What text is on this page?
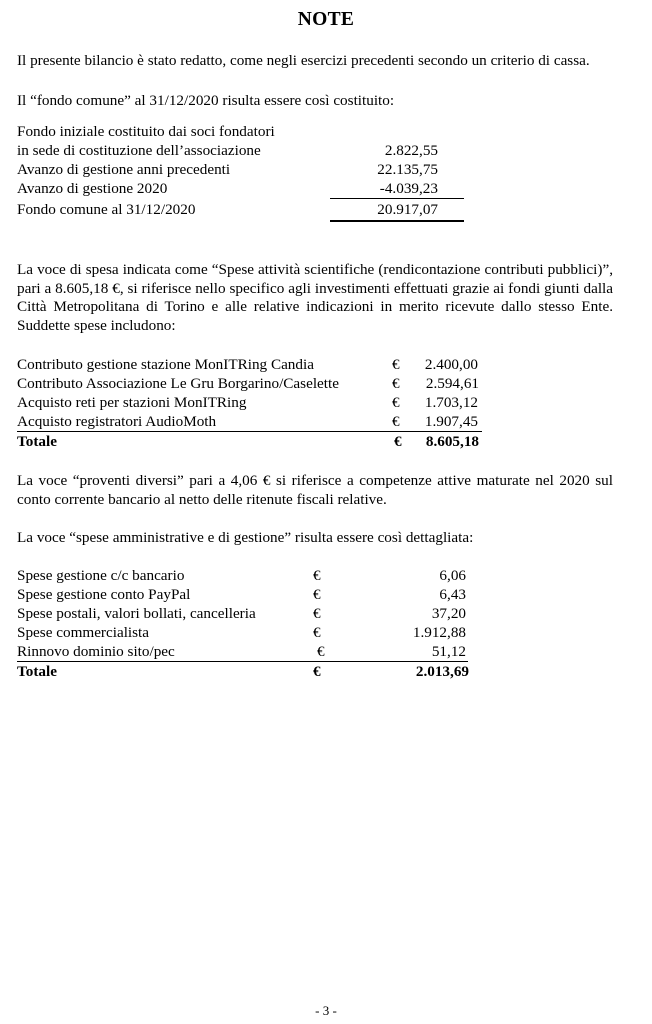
NOTE

Il presente bilancio è stato redatto, come negli esercizi precedenti secondo un criterio di cassa.

Il “fondo comune” al 31/12/2020 risulta essere così costituito:

Fondo iniziale costituito dai soci fondatori
in sede di costituzione dell’associazione	2.822,55
Avanzo di gestione anni precedenti	22.135,75
Avanzo di gestione 2020	-4.039,23
Fondo comune al 31/12/2020	20.917,07

La voce di spesa indicata come “Spese attività scientifiche (rendicontazione contributi pubblici)”, pari a 8.605,18 €, si riferisce nello specifico agli investimenti effettuati grazie ai fondi giunti dalla Città Metropolitana di Torino e alle relative indicazioni in merito ricevute dallo stesso Ente. Suddette spese includono:

Contributo gestione stazione MonITRing Candia	€	2.400,00
Contributo Associazione Le Gru Borgarino/Caselette	€	2.594,61
Acquisto reti per stazioni MonITRing	€	1.703,12
Acquisto registratori AudioMoth	€	1.907,45
Totale	€	8.605,18

La voce “proventi diversi” pari a 4,06 € si riferisce a competenze attive maturate nel 2020 sul conto corrente bancario al netto delle ritenute fiscali relative.

La voce “spese amministrative e di gestione” risulta essere così dettagliata:

Spese gestione c/c bancario	€	6,06
Spese gestione conto PayPal	€	6,43
Spese postali, valori bollati, cancelleria	€	37,20
Spese commercialista	€	1.912,88
Rinnovo dominio sito/pec	€	51,12
Totale	€	2.013,69
- 3 -
